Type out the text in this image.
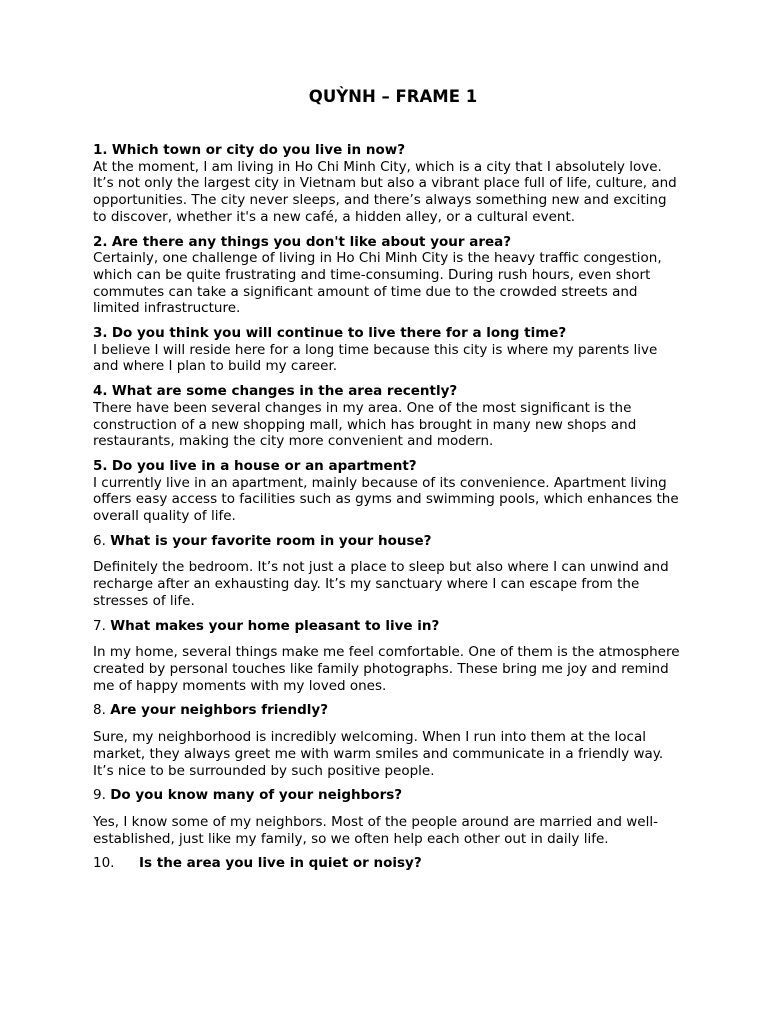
QUỲNH – FRAME 1

1. Which town or city do you live in now?

At the moment, I am living in Ho Chi Minh City, which is a city that I absolutely love. It’s not only the largest city in Vietnam but also a vibrant place full of life, culture, and opportunities. The city never sleeps, and there’s always something new and exciting to discover, whether it's a new café, a hidden alley, or a cultural event.

2. Are there any things you don't like about your area?

Certainly, one challenge of living in Ho Chi Minh City is the heavy traffic congestion, which can be quite frustrating and time-consuming. During rush hours, even short commutes can take a significant amount of time due to the crowded streets and limited infrastructure.

3. Do you think you will continue to live there for a long time?

I believe I will reside here for a long time because this city is where my parents live and where I plan to build my career.

4. What are some changes in the area recently?

There have been several changes in my area. One of the most significant is the construction of a new shopping mall, which has brought in many new shops and restaurants, making the city more convenient and modern.

5. Do you live in a house or an apartment?

I currently live in an apartment, mainly because of its convenience. Apartment living offers easy access to facilities such as gyms and swimming pools, which enhances the overall quality of life.

6. What is your favorite room in your house?

Definitely the bedroom. It’s not just a place to sleep but also where I can unwind and recharge after an exhausting day. It’s my sanctuary where I can escape from the stresses of life.

7. What makes your home pleasant to live in?

In my home, several things make me feel comfortable. One of them is the atmosphere created by personal touches like family photographs. These bring me joy and remind me of happy moments with my loved ones.

8. Are your neighbors friendly?

Sure, my neighborhood is incredibly welcoming. When I run into them at the local market, they always greet me with warm smiles and communicate in a friendly way. It’s nice to be surrounded by such positive people.

9. Do you know many of your neighbors?

Yes, I know some of my neighbors. Most of the people around are married and well-established, just like my family, so we often help each other out in daily life.

10. Is the area you live in quiet or noisy?
